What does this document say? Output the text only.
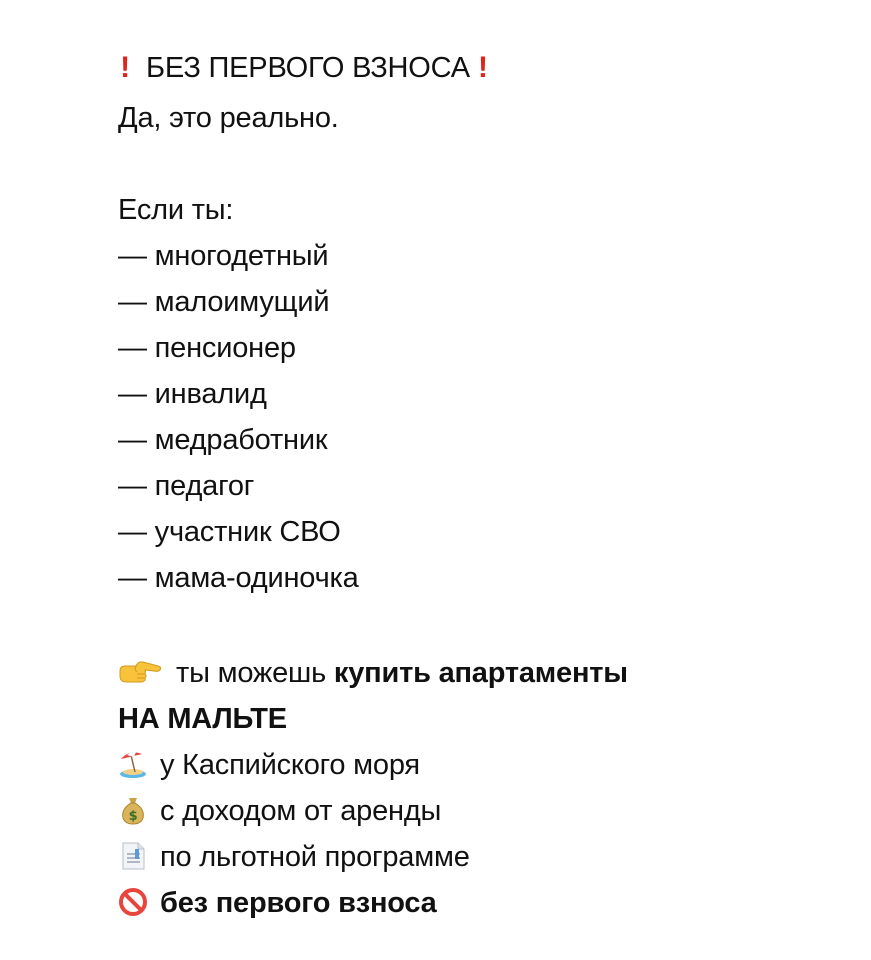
! БЕЗ ПЕРВОГО ВЗНОСА !
Да, это реально.
Если ты:
— многодетный
— малоимущий
— пенсионер
— инвалид
— медработник
— педагог
— участник СВО
— мама-одиночка
ты можешь купить апартаменты
НА МАЛЬТЕ
у Каспийского моря
$ с доходом от аренды
по льготной программе
без первого взноса
